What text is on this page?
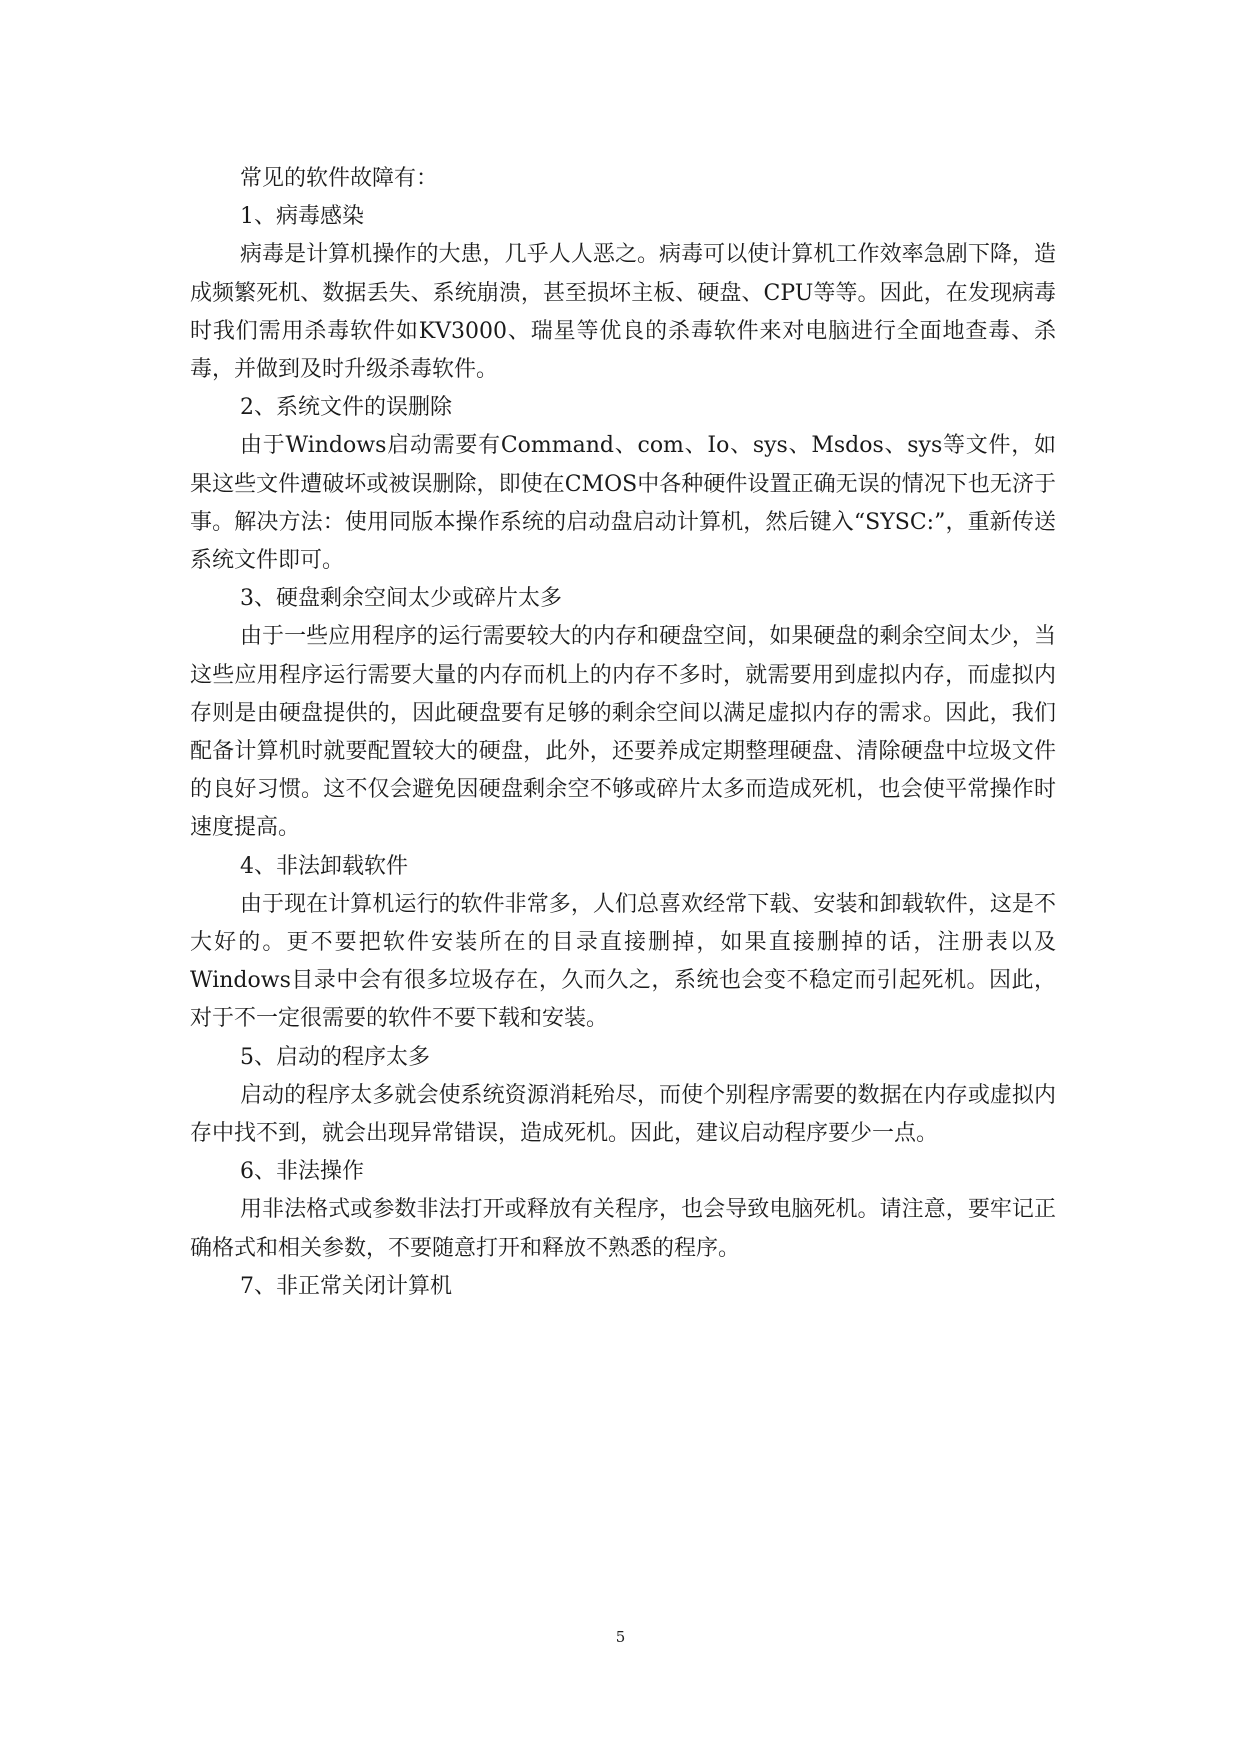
常见的软件故障有：

1、病毒感染

病毒是计算机操作的大患，几乎人人恶之。病毒可以使计算机工作效率急剧下降，造成频繁死机、数据丢失、系统崩溃，甚至损坏主板、硬盘、CPU等等。因此，在发现病毒时我们需用杀毒软件如KV3000、瑞星等优良的杀毒软件来对电脑进行全面地查毒、杀毒，并做到及时升级杀毒软件。

2、系统文件的误删除

由于Windows启动需要有Command、com、Io、sys、Msdos、sys等文件，如果这些文件遭破坏或被误删除，即使在CMOS中各种硬件设置正确无误的情况下也无济于事。解决方法：使用同版本操作系统的启动盘启动计算机，然后键入“SYSC:”，重新传送系统文件即可。

3、硬盘剩余空间太少或碎片太多

由于一些应用程序的运行需要较大的内存和硬盘空间，如果硬盘的剩余空间太少，当这些应用程序运行需要大量的内存而机上的内存不多时，就需要用到虚拟内存，而虚拟内存则是由硬盘提供的，因此硬盘要有足够的剩余空间以满足虚拟内存的需求。因此，我们配备计算机时就要配置较大的硬盘，此外，还要养成定期整理硬盘、清除硬盘中垃圾文件的良好习惯。这不仅会避免因硬盘剩余空不够或碎片太多而造成死机，也会使平常操作时速度提高。

4、非法卸载软件

由于现在计算机运行的软件非常多，人们总喜欢经常下载、安装和卸载软件，这是不大好的。更不要把软件安装所在的目录直接删掉，如果直接删掉的话，注册表以及Windows目录中会有很多垃圾存在，久而久之，系统也会变不稳定而引起死机。因此，对于不一定很需要的软件不要下载和安装。

5、启动的程序太多

启动的程序太多就会使系统资源消耗殆尽，而使个别程序需要的数据在内存或虚拟内存中找不到，就会出现异常错误，造成死机。因此，建议启动程序要少一点。

6、非法操作

用非法格式或参数非法打开或释放有关程序，也会导致电脑死机。请注意，要牢记正确格式和相关参数，不要随意打开和释放不熟悉的程序。

7、非正常关闭计算机

5
